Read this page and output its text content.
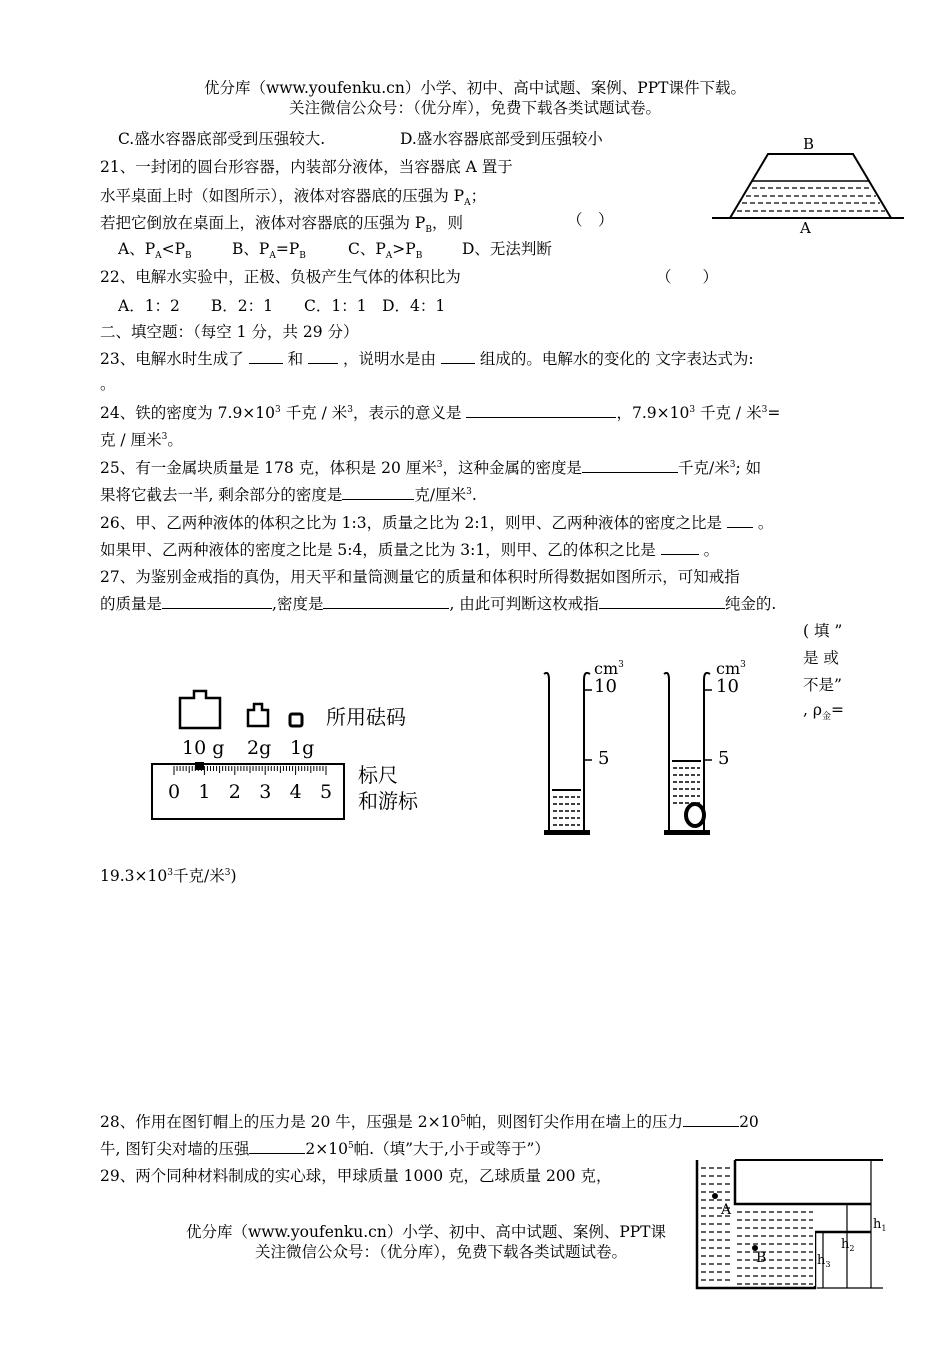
优分库（www.youfenku.cn）小学、初中、高中试题、案例、PPT课件下载。
关注微信公众号：（优分库），免费下载各类试题试卷。
C.盛水容器底部受到压强较大.	D.盛水容器底部受到压强较小
21、一封闭的圆台形容器，内装部分液体，当容器底 A 置于
水平桌面上时（如图所示），液体对容器底的压强为 $P_A$；
若把它倒放在桌面上，液体对容器底的压强为 $P_B$，则	（　）
A、$P_A<P_B$	B、$P_A=P_B$	C、$P_A>P_B$	D、无法判断
B
A
22、电解水实验中，正极、负极产生气体的体积比为	（　　）
A．1：2　　B．2：1　　C．1：1　D．4：1
二、填空题：（每空 1 分，共 29 分）
23、电解水时生成了	和	，说明水是由	组成的。电解水的变化的 文字表达式为:
。
24、铁的密度为 $7.9\times 10^3$ 千克 / 米$^3$，表示的意义是	，$7.9\times 10^3$ 千克 / 米$^3$=
克 / 厘米$^3$。
25、有一金属块质量是 178 克，体积是 20 厘米$^3$，这种金属的密度是	千克/米$^3$; 如
果将它截去一半, 剩余部分的密度是	克/厘米$^3$.
26、甲、乙两种液体的体积之比为 1:3，质量之比为 2:1，则甲、乙两种液体的密度之比是 。
如果甲、乙两种液体的密度之比是 5:4，质量之比为 3:1，则甲、乙的体积之比是	。
27、为鉴别金戒指的真伪，用天平和量筒测量它的质量和体积时所得数据如图所示，可知戒指
的质量是	,密度是	, 由此可判断这枚戒指	纯金的.
( 填 ”
是 或
不是”
, $\rho_金=$
所用砝码
10 g 2g 1g
0 1 2 3 4 5
标尺
和游标
$cm^3$
10
5
$cm^3$
10
5
$19.3\times 10^3$千克/米$^3$)
28、作用在图钉帽上的压力是 20 牛，压强是 $2\times 10^5$帕，则图钉尖作用在墙上的压力	20
牛, 图钉尖对墙的压强	$2\times 10^5$帕.（填”大于,小于或等于”）
29、两个同种材料制成的实心球，甲球质量 1000 克，乙球质量 200 克，
A
B
$h_1$
$h_2$
$h_3$
优分库（www.youfenku.cn）小学、初中、高中试题、案例、PPT课
关注微信公众号：（优分库），免费下载各类试题试卷。
